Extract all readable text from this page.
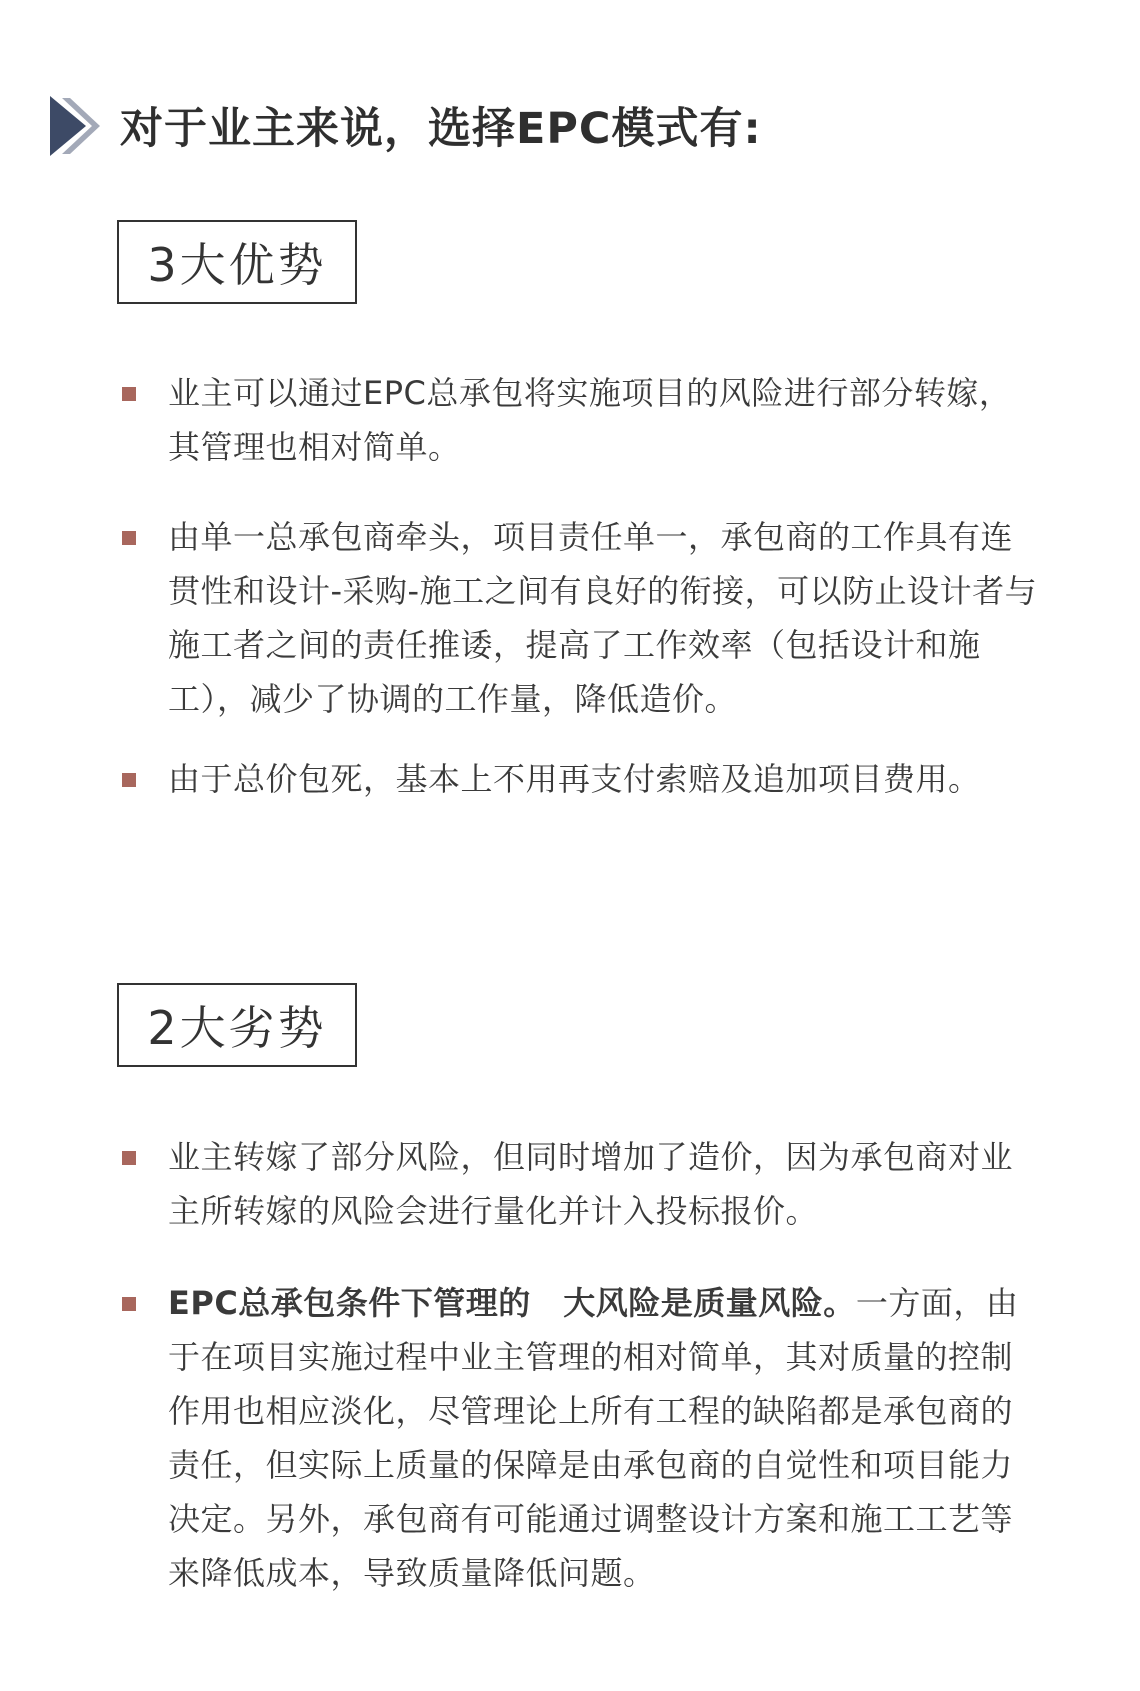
对于业主来说，选择EPC模式有:
3大优势
业主可以通过EPC总承包将实施项目的风险进行部分转嫁，其管理也相对简单。
由单一总承包商牵头，项目责任单一，承包商的工作具有连贯性和设计-采购-施工之间有良好的衔接，可以防止设计者与施工者之间的责任推诿，提高了工作效率（包括设计和施工），减少了协调的工作量，降低造价。
由于总价包死，基本上不用再支付索赔及追加项目费用。
2大劣势
业主转嫁了部分风险，但同时增加了造价，因为承包商对业主所转嫁的风险会进行量化并计入投标报价。
EPC总承包条件下管理的　大风险是质量风险。一方面，由于在项目实施过程中业主管理的相对简单，其对质量的控制作用也相应淡化，尽管理论上所有工程的缺陷都是承包商的责任，但实际上质量的保障是由承包商的自觉性和项目能力决定。另外，承包商有可能通过调整设计方案和施工工艺等来降低成本，导致质量降低问题。
